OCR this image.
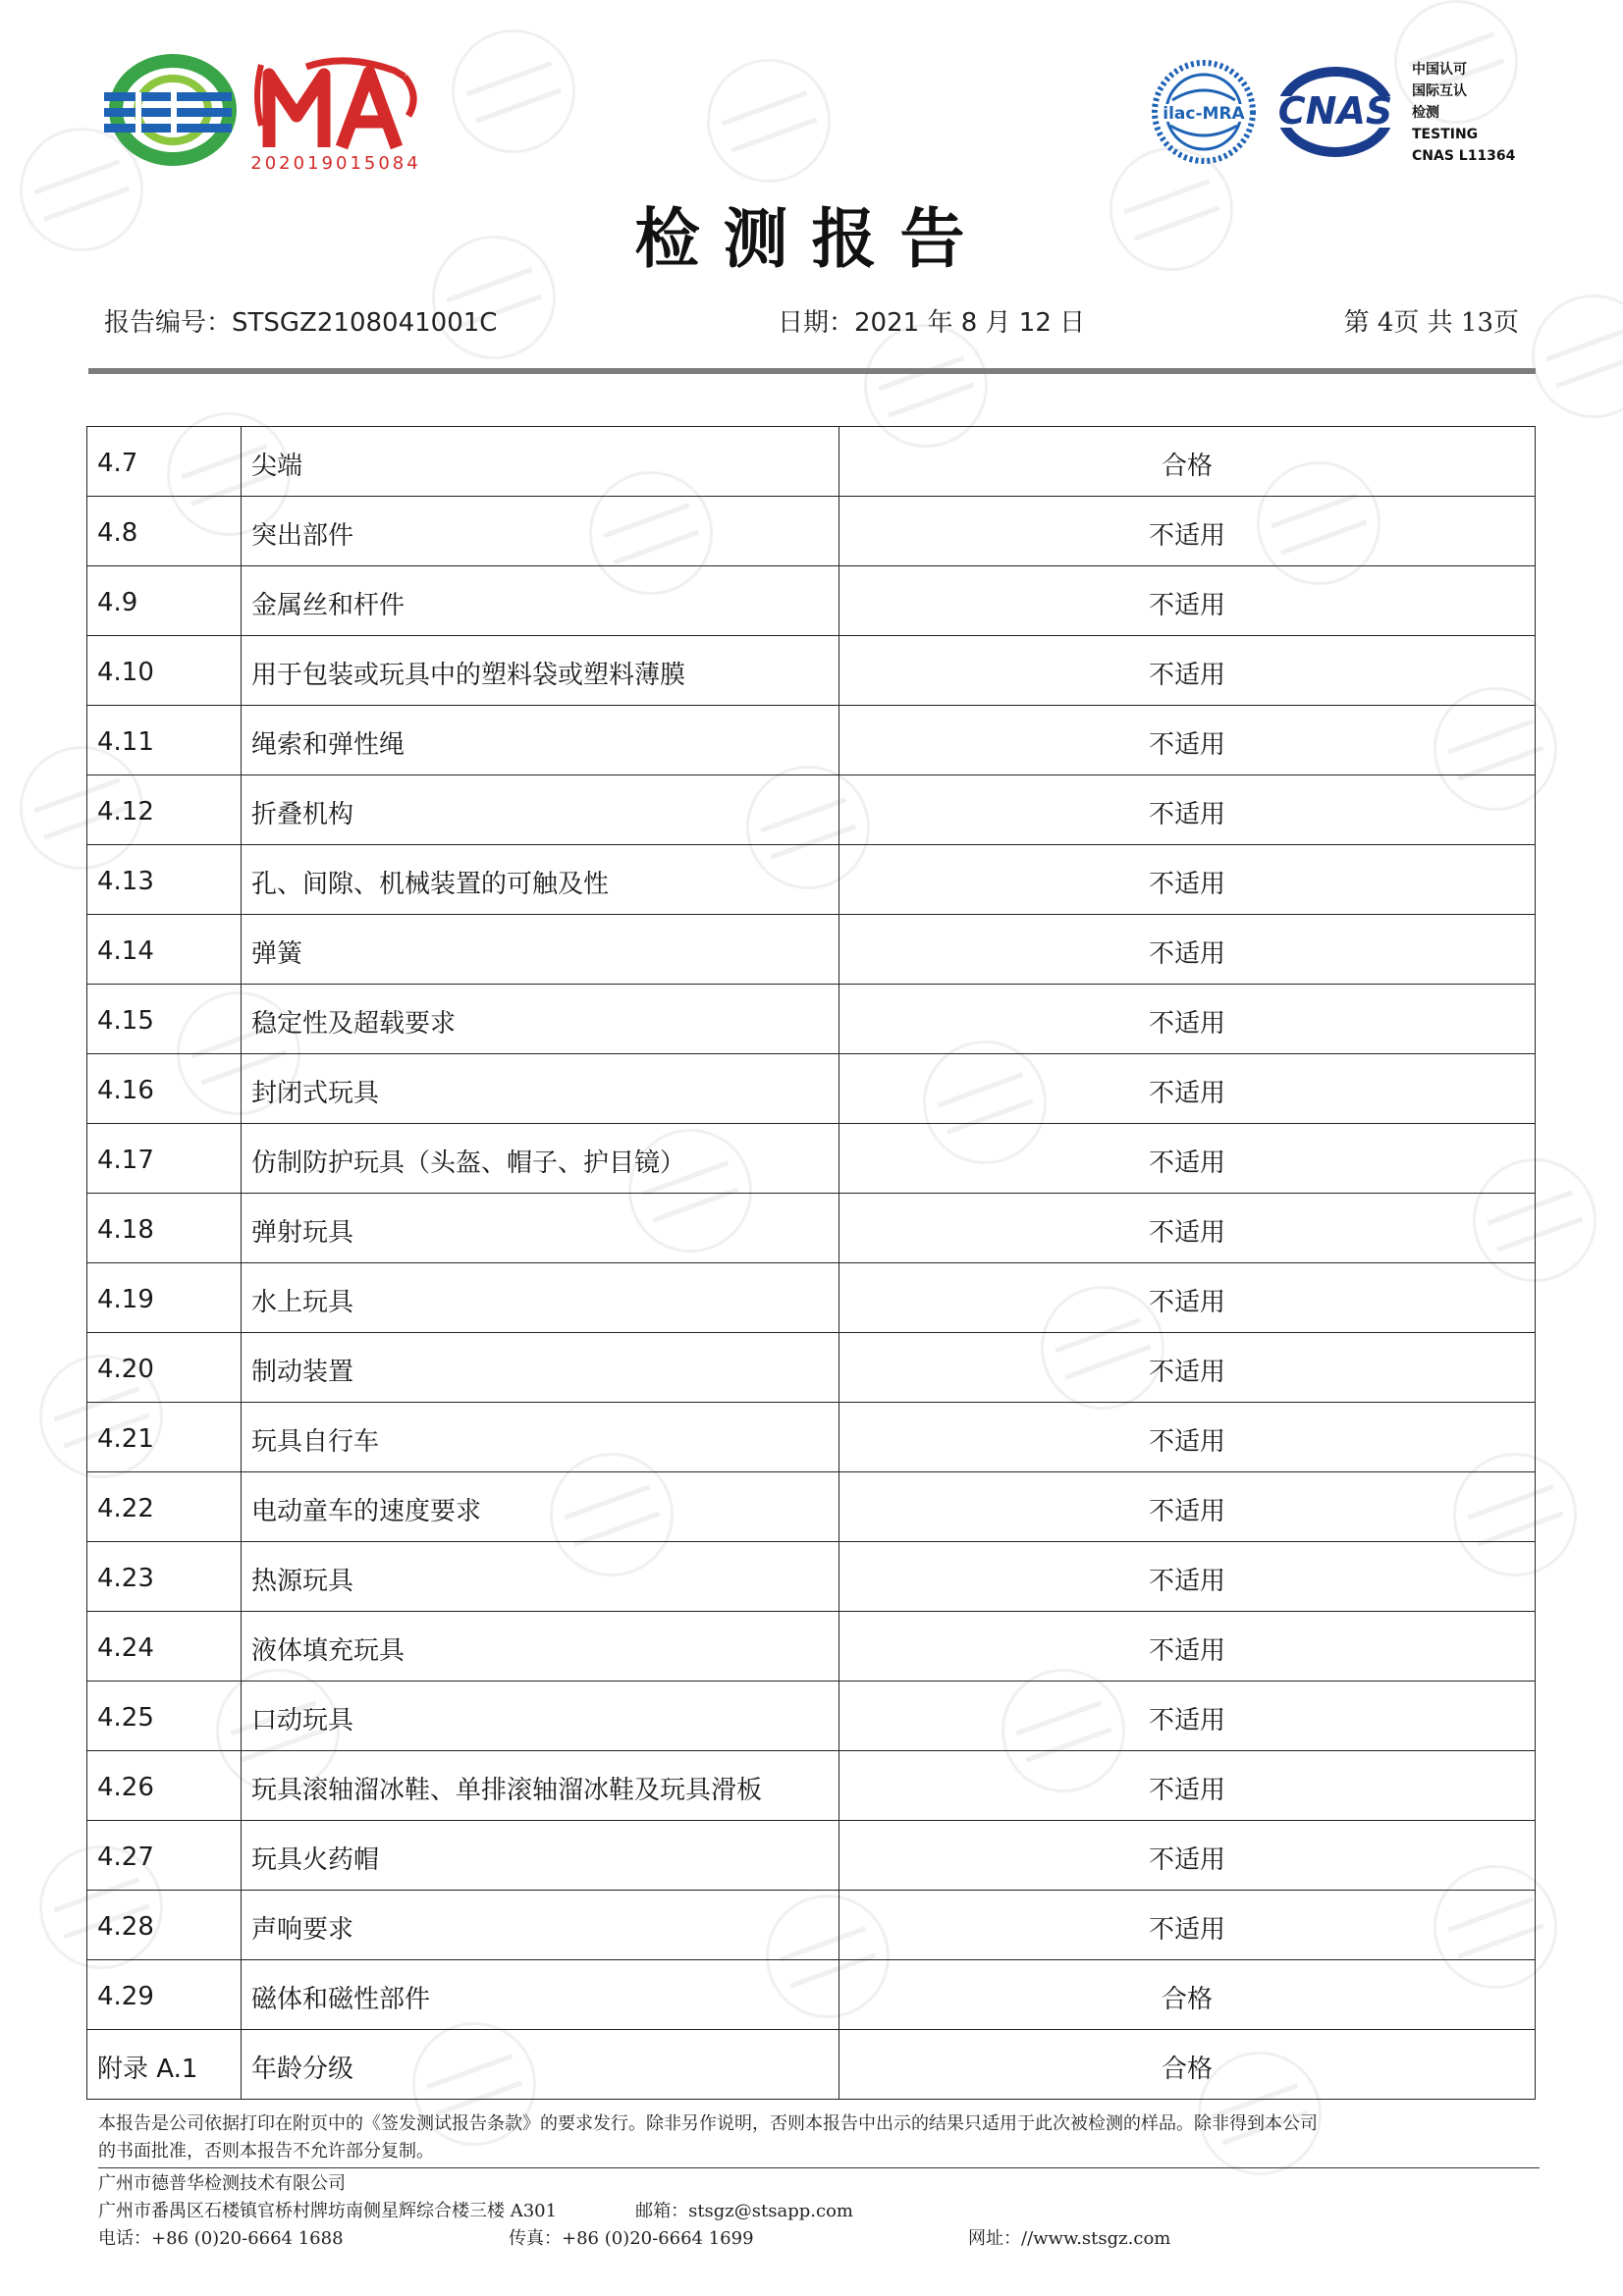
202019015084
ilac-MRA CNAS
中国认可
国际互认
检测
TESTING
CNAS L11364
检测报告
报告编号：STSGZ2108041001C	日期：2021 年 8 月 12 日	第 4页 共 13页
4.7	尖端	合格
4.8	突出部件	不适用
4.9	金属丝和杆件	不适用
4.10	用于包装或玩具中的塑料袋或塑料薄膜	不适用
4.11	绳索和弹性绳	不适用
4.12	折叠机构	不适用
4.13	孔、间隙、机械装置的可触及性	不适用
4.14	弹簧	不适用
4.15	稳定性及超载要求	不适用
4.16	封闭式玩具	不适用
4.17	仿制防护玩具（头盔、帽子、护目镜）	不适用
4.18	弹射玩具	不适用
4.19	水上玩具	不适用
4.20	制动装置	不适用
4.21	玩具自行车	不适用
4.22	电动童车的速度要求	不适用
4.23	热源玩具	不适用
4.24	液体填充玩具	不适用
4.25	口动玩具	不适用
4.26	玩具滚轴溜冰鞋、单排滚轴溜冰鞋及玩具滑板	不适用
4.27	玩具火药帽	不适用
4.28	声响要求	不适用
4.29	磁体和磁性部件	合格
附录 A.1	年龄分级	合格
本报告是公司依据打印在附页中的《签发测试报告条款》的要求发行。除非另作说明，否则本报告中出示的结果只适用于此次被检测的样品。除非得到本公司
的书面批准，否则本报告不允许部分复制。
广州市德普华检测技术有限公司
广州市番禺区石楼镇官桥村牌坊南侧星辉综合楼三楼 A301	邮箱：stsgz@stsapp.com
电话：+86 (0)20-6664 1688	传真：+86 (0)20-6664 1699	网址：//www.stsgz.com
